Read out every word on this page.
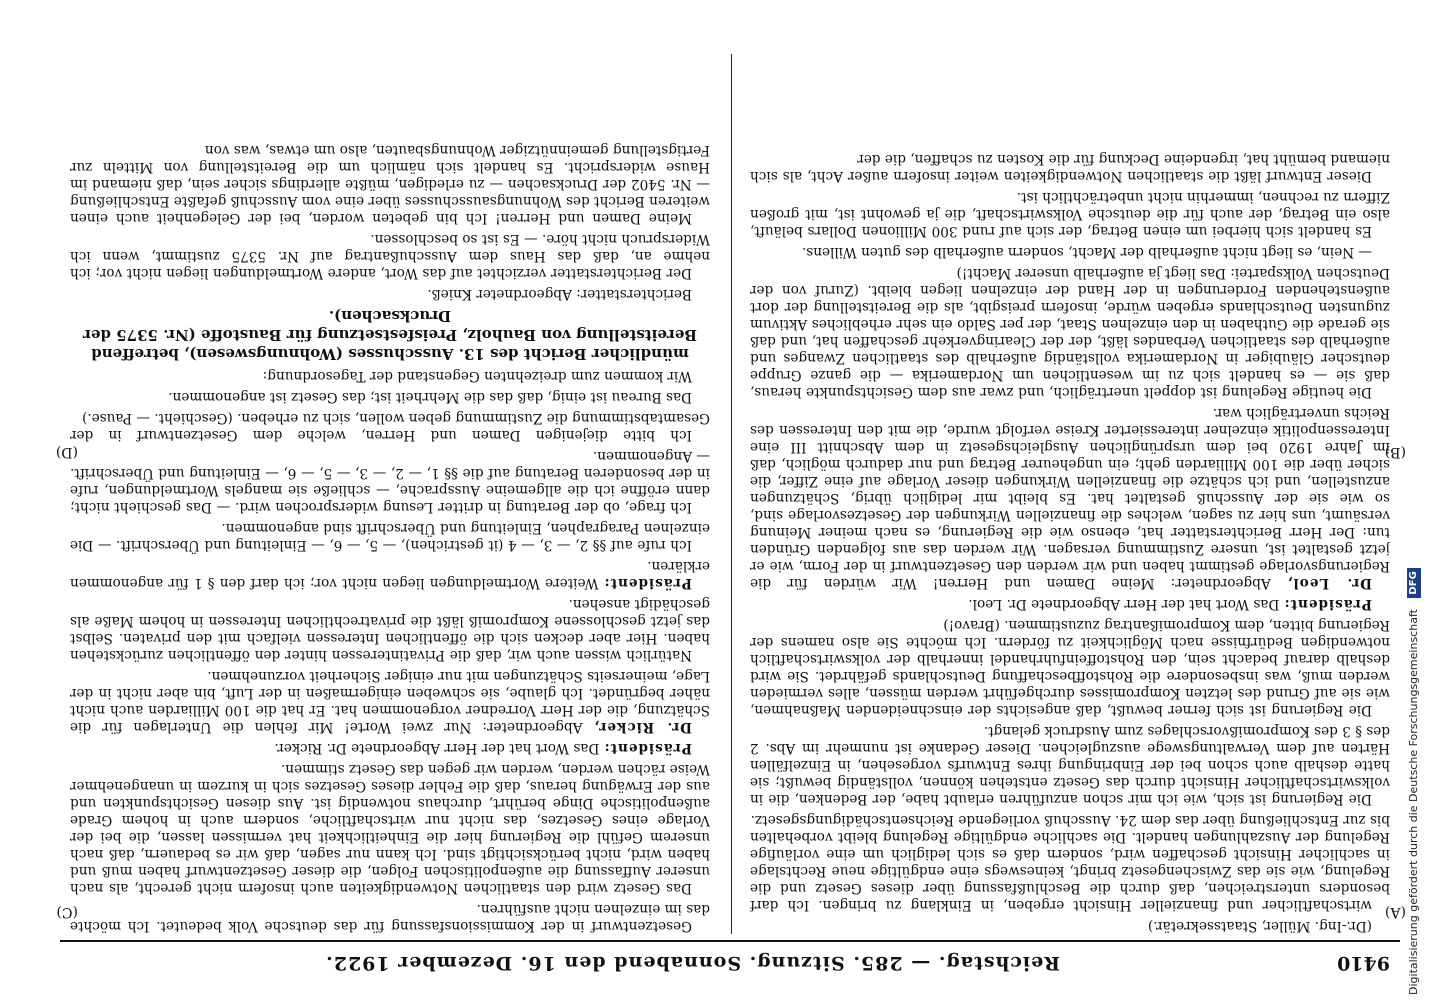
9410
Reichstag. — 285. Sitzung. Sonnabend den 16. Dezember 1922.
(A)
(B)
(C)
(D)

(Dr.-Ing. Müller, Staatssekretär.)

wirtschaftlicher und finanzieller Hinsicht ergeben, in Einklang zu bringen. Ich darf besonders unterstreichen, daß durch die Beschlußfassung über dieses Gesetz und die Regelung, wie sie das Zwischengesetz bringt, keineswegs eine endgültige neue Rechtslage in sachlicher Hinsicht geschaffen wird, sondern daß es sich lediglich um eine vorläufige Regelung der Auszahlungen handelt. Die sachliche endgültige Regelung bleibt vorbehalten bis zur Entschließung über das dem 24. Ausschuß vorliegende Reichsentschädigungsgesetz.

Die Regierung ist sich, wie ich mir schon anzuführen erlaubt habe, der Bedenken, die in volkswirtschaftlicher Hinsicht durch das Gesetz entstehen können, vollständig bewußt; sie hatte deshalb auch schon bei der Einbringung ihres Entwurfs vorgesehen, in Einzelfällen Härten auf dem Verwaltungswege auszugleichen. Dieser Gedanke ist nunmehr im Abs. 2 des § 3 des Kompromißvorschlages zum Ausdruck gelangt.

Die Regierung ist sich ferner bewußt, daß angesichts der einschneidenden Maßnahmen, wie sie auf Grund des letzten Kompromisses durchgeführt werden müssen, alles vermieden werden muß, was insbesondere die Rohstoffbeschaffung Deutschlands gefährdet. Sie wird deshalb darauf bedacht sein, den Rohstoffeinfuhrhandel innerhalb der volkswirtschaftlich notwendigen Bedürfnisse nach Möglichkeit zu fördern. Ich möchte Sie also namens der Regierung bitten, dem Kompromißantrag zuzustimmen. (Bravo!)

Präsident: Das Wort hat der Herr Abgeordnete Dr. Leol.

Dr. Leol, Abgeordneter: Meine Damen und Herren! Wir würden für die Regierungsvorlage gestimmt haben und wir werden den Gesetzentwurf in der Form, wie er jetzt gestaltet ist, unsere Zustimmung versagen. Wir werden das aus folgenden Gründen tun: Der Herr Berichterstatter hat, ebenso wie die Regierung, es nach meiner Meinung versäumt, uns hier zu sagen, welches die finanziellen Wirkungen der Gesetzesvorlage sind, so wie sie der Ausschuß gestaltet hat. Es bleibt mir lediglich übrig, Schätzungen anzustellen, und ich schätze die finanziellen Wirkungen dieser Vorlage auf eine Ziffer, die sicher über die 100 Milliarden geht; ein ungeheurer Betrag und nur dadurch möglich, daß im Jahre 1920 bei dem ursprünglichen Ausgleichsgesetz in dem Abschnitt III eine Interessenpolitik einzelner interessierter Kreise verfolgt wurde, die mit den Interessen des Reichs unverträglich war.

Die heutige Regelung ist doppelt unerträglich, und zwar aus dem Gesichtspunkte heraus, daß sie — es handelt sich zu im wesentlichen um Nordamerika — die ganze Gruppe deutscher Gläubiger in Nordamerika vollständig außerhalb des staatlichen Zwanges und außerhalb des staatlichen Verbandes läßt, der der Clearingverkehr geschaffen hat, und daß sie gerade die Guthaben in den einzelnen Staat, der per Saldo ein sehr erhebliches Aktivum zugunsten Deutschlands ergeben würde, insofern preisgibt, als die Bereitstellung der dort außenstehenden Forderungen in der Hand der einzelnen liegen bleibt. (Zuruf von der Deutschen Volkspartei: Das liegt ja außerhalb unserer Macht!)

— Nein, es liegt nicht außerhalb der Macht, sondern außerhalb des guten Willens.

Es handelt sich hierbei um einen Betrag, der sich auf rund 300 Millionen Dollars beläuft, also ein Betrag, der auch für die deutsche Volkswirtschaft, die ja gewohnt ist, mit großen Ziffern zu rechnen, immerhin nicht unbeträchtlich ist.

Dieser Entwurf läßt die staatlichen Notwendigkeiten weiter insofern außer Acht, als sich niemand bemüht hat, irgendeine Deckung für die Kosten zu schaffen, die der

Gesetzentwurf in der Kommissionsfassung für das deutsche Volk bedeutet. Ich möchte das im einzelnen nicht ausführen.

Das Gesetz wird den staatlichen Notwendigkeiten auch insofern nicht gerecht, als nach unserer Auffassung die außenpolitischen Folgen, die dieser Gesetzentwurf haben muß und haben wird, nicht berücksichtigt sind. Ich kann nur sagen, daß wir es bedauern, daß nach unserem Gefühl die Regierung hier die Einheitlichkeit hat vermissen lassen, die bei der Vorlage eines Gesetzes, das nicht nur wirtschaftliche, sondern auch in hohem Grade außenpolitische Dinge berührt, durchaus notwendig ist. Aus diesen Gesichtspunkten und aus der Erwägung heraus, daß die Fehler dieses Gesetzes sich in kurzem in unangenehmer Weise rächen werden, werden wir gegen das Gesetz stimmen.

Präsident: Das Wort hat der Herr Abgeordnete Dr. Ricker.

Dr. Ricker, Abgeordneter: Nur zwei Worte! Mir fehlen die Unterlagen für die Schätzung, die der Herr Vorredner vorgenommen hat. Er hat die 100 Milliarden auch nicht näher begründet. Ich glaube, sie schweben einigermaßen in der Luft, bin aber nicht in der Lage, meinerseits Schätzungen mit nur einiger Sicherheit vorzunehmen.

Natürlich wissen auch wir, daß die Privatinteressen hinter den öffentlichen zurückstehen haben. Hier aber decken sich die öffentlichen Interessen vielfach mit den privaten. Selbst das jetzt geschlossene Kompromiß läßt die privatrechtlichen Interessen in hohem Maße als geschädigt ansehen.

Präsident: Weitere Wortmeldungen liegen nicht vor; ich darf den § 1 für angenommen erklären.

Ich rufe auf §§ 2, — 3, — 4 (it gestrichen), — 5, — 6, — Einleitung und Überschrift. — Die einzelnen Paragraphen, Einleitung und Überschrift sind angenommen.

Ich frage, ob der Beratung in dritter Lesung widersprochen wird. — Das geschieht nicht; dann eröffne ich die allgemeine Aussprache, — schließe sie mangels Wortmeldungen, rufe in der besonderen Beratung auf die §§ 1, — 2, — 3, — 5, — 6, — Einleitung und Überschrift. — Angenommen.

Ich bitte diejenigen Damen und Herren, welche dem Gesetzentwurf in der Gesamtabstimmung die Zustimmung geben wollen, sich zu erheben. (Geschieht. — Pause.)

Das Bureau ist einig, daß das die Mehrheit ist; das Gesetz ist angenommen.

Wir kommen zum dreizehnten Gegenstand der Tagesordnung:

mündlicher Bericht des 13. Ausschusses (Wohnungswesen), betreffend Bereitstellung von Bauholz, Preisfestsetzung für Baustoffe (Nr. 5375 der Drucksachen).

Berichterstatter: Abgeordneter Knieß.

Der Berichterstatter verzichtet auf das Wort, andere Wortmeldungen liegen nicht vor; ich nehme an, daß das Haus dem Ausschußantrag auf Nr. 5375 zustimmt, wenn ich Widerspruch nicht höre. — Es ist so beschlossen.

Meine Damen und Herren! Ich bin gebeten worden, bei der Gelegenheit auch einen weiteren Bericht des Wohnungsausschusses über eine vom Ausschuß gefaßte Entschließung — Nr. 5402 der Drucksachen — zu erledigen, müßte allerdings sicher sein, daß niemand im Hause widerspricht. Es handelt sich nämlich um die Bereitstellung von Mitteln zur Fertigstellung gemeinnütziger Wohnungsbauten, also um etwas, was von

Digitalisierung gefördert durch die Deutsche Forschungsgemeinschaft DFG
